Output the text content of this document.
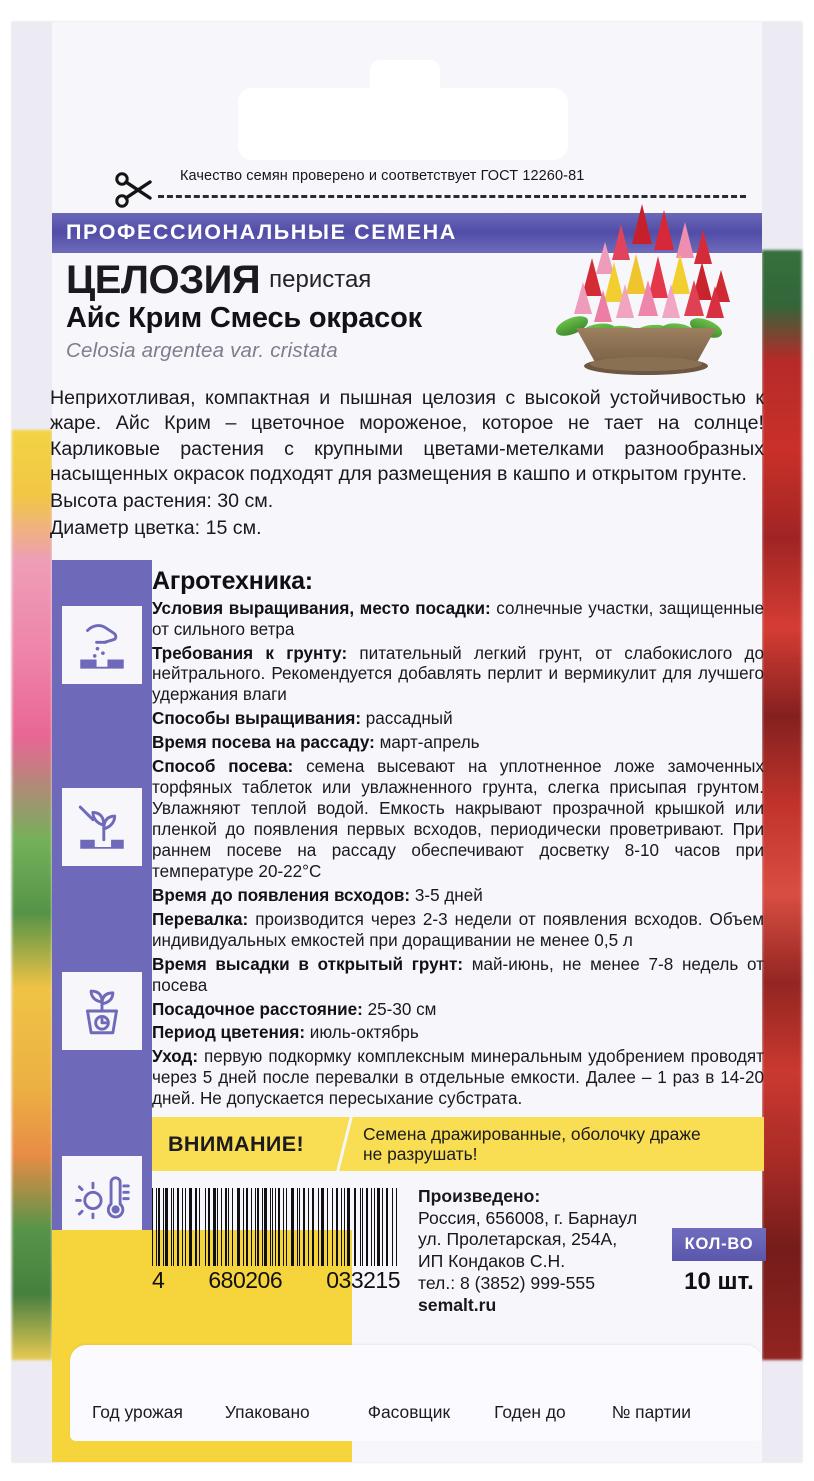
Качество семян проверено и соответствует ГОСТ 12260-81
ПРОФЕССИОНАЛЬНЫЕ СЕМЕНА
ЦЕЛОЗИЯ перистая
Айс Крим Смесь окрасок
Celosia argentea var. cristata

Неприхотливая, компактная и пышная целозия с высокой устойчивостью к жаре. Айс Крим – цветочное мороженое, которое не тает на солнце! Карликовые растения с крупными цветами-метелками разнообразных насыщенных окрасок подходят для размещения в кашпо и открытом грунте.

Высота растения: 30 см.
Диаметр цветка: 15 см.
Агротехника:

Условия выращивания, место посадки: солнечные участки, защищенные от сильного ветра

Требования к грунту: питательный легкий грунт, от слабокислого до нейтрального. Рекомендуется добавлять перлит и вермикулит для лучшего удержания влаги

Способы выращивания: рассадный

Время посева на рассаду: март-апрель

Способ посева: семена высевают на уплотненное ложе замоченных торфяных таблеток или увлажненного грунта, слегка присыпая грунтом. Увлажняют теплой водой. Емкость накрывают прозрачной крышкой или пленкой до появления первых всходов, периодически проветривают. При раннем посеве на рассаду обеспечивают досветку 8-10 часов при температуре 20-22°C

Время до появления всходов: 3-5 дней

Перевалка: производится через 2-3 недели от появления всходов. Объем индивидуальных емкостей при доращивании не менее 0,5 л

Время высадки в открытый грунт: май-июнь, не менее 7-8 недель от посева

Посадочное расстояние: 25-30 см

Период цветения: июль-октябрь

Уход: первую подкормку комплексным минеральным удобрением проводят через 5 дней после перевалки в отдельные емкости. Далее – 1 раз в 14-20 дней. Не допускается пересыхание субстрата.

ВНИМАНИЕ!	Семена дражированные, оболочку драже
не разрушать!
4 680206 033215
Произведено:
Россия, 656008, г. Барнаул
ул. Пролетарская, 254А,
ИП Кондаков С.Н.
тел.: 8 (3852) 999-555
semalt.ru
КОЛ-ВО
10 шт.
Год урожая Упаковано	Фасовщик	Годен до	№ партии
